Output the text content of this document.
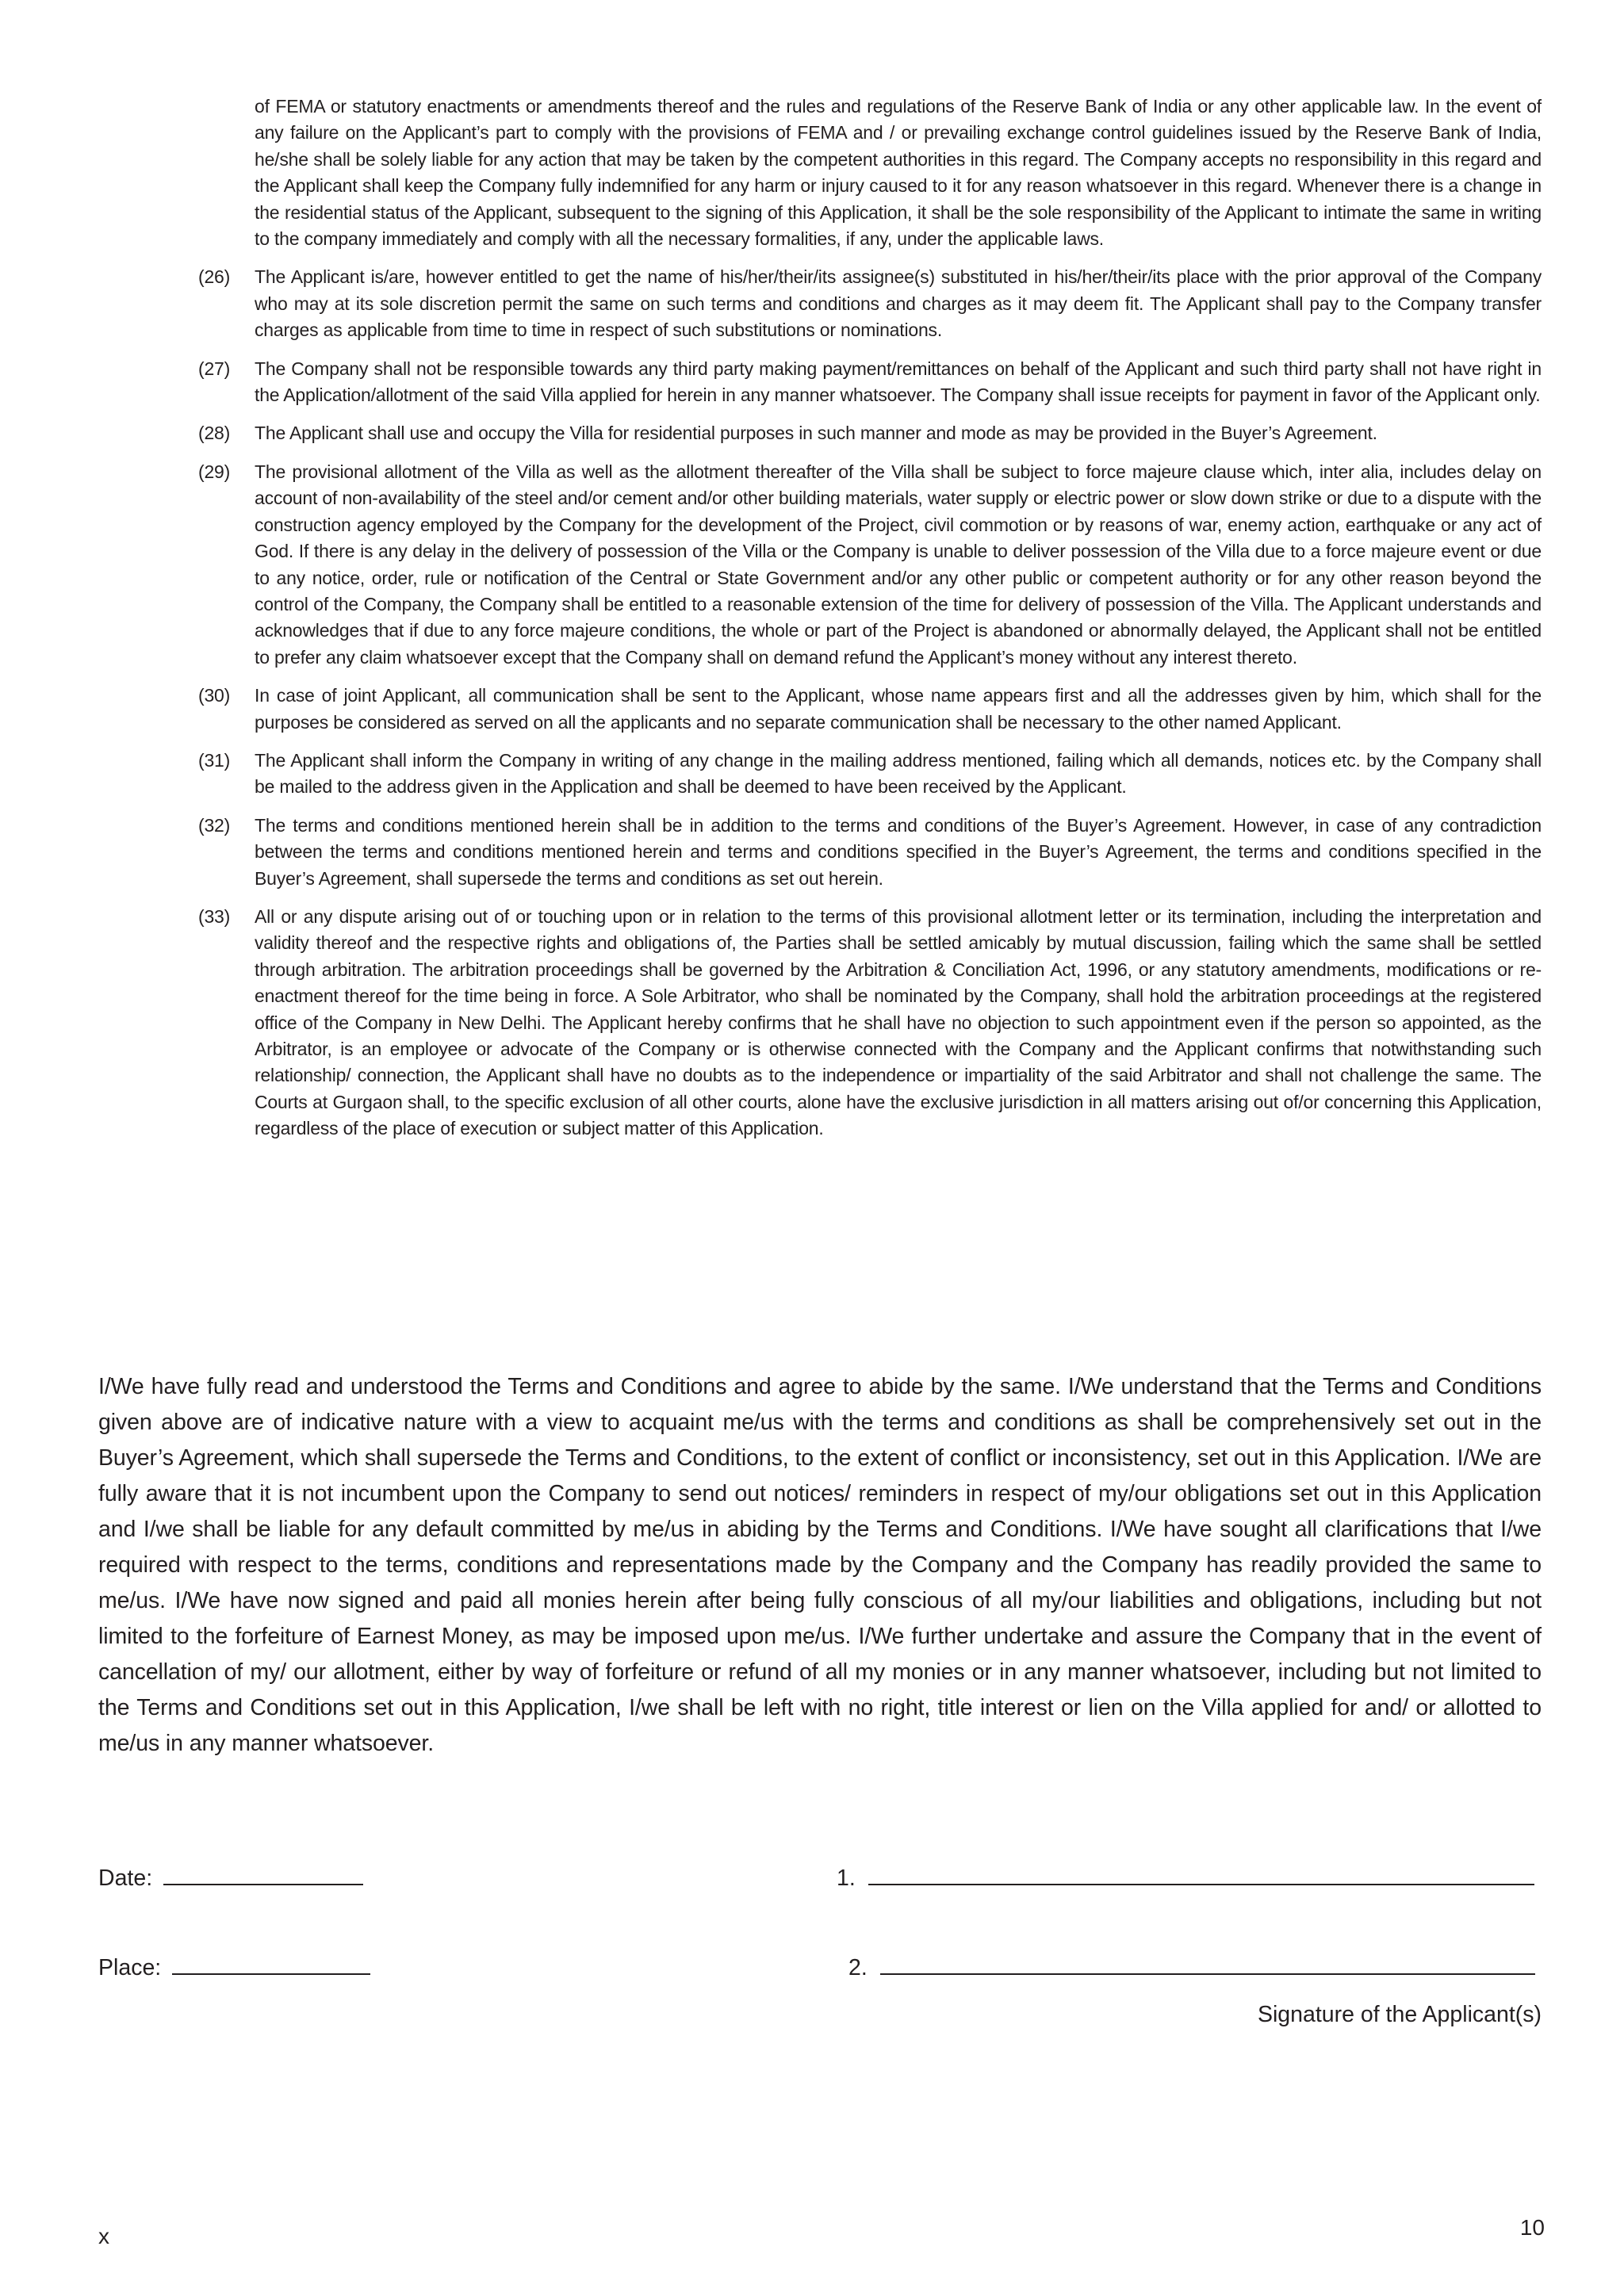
of FEMA or statutory enactments or amendments thereof and the rules and regulations of the Reserve Bank of India or any other applicable law. In the event of any failure on the Applicant’s part to comply with the provisions of FEMA and / or prevailing exchange control guidelines issued by the Reserve Bank of India, he/she shall be solely liable for any action that may be taken by the competent authorities in this regard. The Company accepts no responsibility in this regard and the Applicant shall keep the Company fully indemnified for any harm or injury caused to it for any reason whatsoever in this regard. Whenever there is a change in the residential status of the Applicant, subsequent to the signing of this Application, it shall be the sole responsibility of the Applicant to intimate the same in writing to the company immediately and comply with all the necessary formalities, if any, under the applicable laws.
(26)	The Applicant is/are, however entitled to get the name of his/her/their/its assignee(s) substituted in his/her/their/its place with the prior approval of the Company who may at its sole discretion permit the same on such terms and conditions and charges as it may deem fit. The Applicant shall pay to the Company transfer charges as applicable from time to time in respect of such substitutions or nominations.
(27)	The Company shall not be responsible towards any third party making payment/remittances on behalf of the Applicant and such third party shall not have right in the Application/allotment of the said Villa applied for herein in any manner whatsoever. The Company shall issue receipts for payment in favor of the Applicant only.
(28)	The Applicant shall use and occupy the Villa for residential purposes in such manner and mode as may be provided in the Buyer’s Agreement.
(29)	The provisional allotment of the Villa as well as the allotment thereafter of the Villa shall be subject to force majeure clause which, inter alia, includes delay on account of non-availability of the steel and/or cement and/or other building materials, water supply or electric power or slow down strike or due to a dispute with the construction agency employed by the Company for the development of the Project, civil commotion or by reasons of war, enemy action, earthquake or any act of God. If there is any delay in the delivery of possession of the Villa or the Company is unable to deliver possession of the Villa due to a force majeure event or due to any notice, order, rule or notification of the Central or State Government and/or any other public or competent authority or for any other reason beyond the control of the Company, the Company shall be entitled to a reasonable extension of the time for delivery of possession of the Villa. The Applicant understands and acknowledges that if due to any force majeure conditions, the whole or part of the Project is abandoned or abnormally delayed, the Applicant shall not be entitled to prefer any claim whatsoever except that the Company shall on demand refund the Applicant’s money without any interest thereto.
(30)	In case of joint Applicant, all communication shall be sent to the Applicant, whose name appears first and all the addresses given by him, which shall for the purposes be considered as served on all the applicants and no separate communication shall be necessary to the other named Applicant.
(31)	The Applicant shall inform the Company in writing of any change in the mailing address mentioned, failing which all demands, notices etc. by the Company shall be mailed to the address given in the Application and shall be deemed to have been received by the Applicant.
(32)	The terms and conditions mentioned herein shall be in addition to the terms and conditions of the Buyer’s Agreement. However, in case of any contradiction between the terms and conditions mentioned herein and terms and conditions specified in the Buyer’s Agreement, the terms and conditions specified in the Buyer’s Agreement, shall supersede the terms and conditions as set out herein.
(33)	All or any dispute arising out of or touching upon or in relation to the terms of this provisional allotment letter or its termination, including the interpretation and validity thereof and the respective rights and obligations of, the Parties shall be settled amicably by mutual discussion, failing which the same shall be settled through arbitration. The arbitration proceedings shall be governed by the Arbitration & Conciliation Act, 1996, or any statutory amendments, modifications or re-enactment thereof for the time being in force. A Sole Arbitrator, who shall be nominated by the Company, shall hold the arbitration proceedings at the registered office of the Company in New Delhi. The Applicant hereby confirms that he shall have no objection to such appointment even if the person so appointed, as the Arbitrator, is an employee or advocate of the Company or is otherwise connected with the Company and the Applicant confirms that notwithstanding such relationship/ connection, the Applicant shall have no doubts as to the independence or impartiality of the said Arbitrator and shall not challenge the same. The Courts at Gurgaon shall, to the specific exclusion of all other courts, alone have the exclusive jurisdiction in all matters arising out of/or concerning this Application, regardless of the place of execution or subject matter of this Application.

I/We have fully read and understood the Terms and Conditions and agree to abide by the same. I/We understand that the Terms and Conditions given above are of indicative nature with a view to acquaint me/us with the terms and conditions as shall be comprehensively set out in the Buyer’s Agreement, which shall supersede the Terms and Conditions, to the extent of conflict or inconsistency, set out in this Application. I/We are fully aware that it is not incumbent upon the Company to send out notices/ reminders in respect of my/our obligations set out in this Application and I/we shall be liable for any default committed by me/us in abiding by the Terms and Conditions. I/We have sought all clarifications that I/we required with respect to the terms, conditions and representations made by the Company and the Company has readily provided the same to me/us. I/We have now signed and paid all monies herein after being fully conscious of all my/our liabilities and obligations, including but not limited to the forfeiture of Earnest Money, as may be imposed upon me/us. I/We further undertake and assure the Company that in the event of cancellation of my/ our allotment, either by way of forfeiture or refund of all my monies or in any manner whatsoever, including but not limited to the Terms and Conditions set out in this Application, I/we shall be left with no right, title interest or lien on the Villa applied for and/ or allotted to me/us in any manner whatsoever.

Date:	1.
Place:	2.
Signature of the Applicant(s)
x	10
